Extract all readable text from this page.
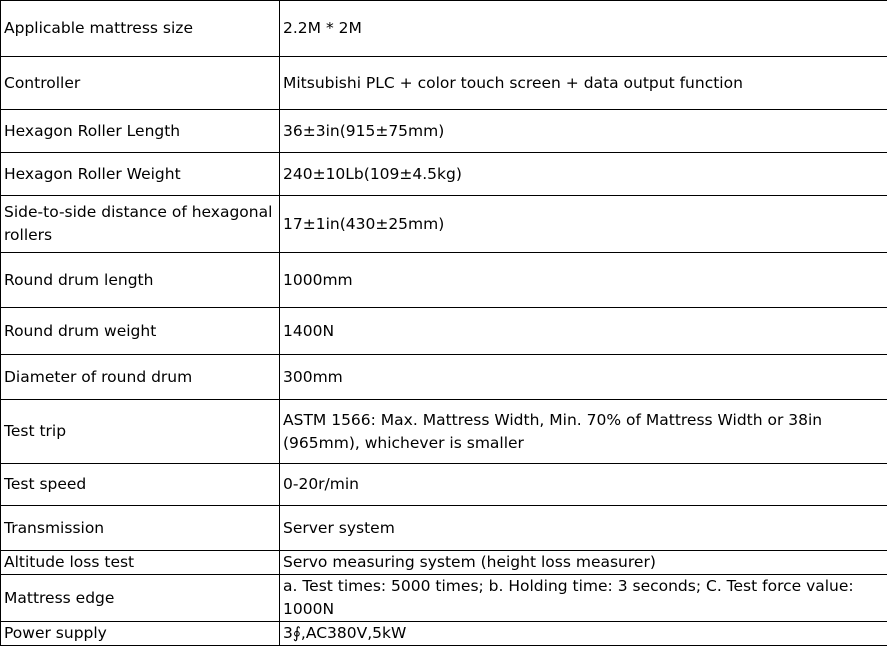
Applicable mattress size	2.2M * 2M
Controller	Mitsubishi PLC + color touch screen + data output function
Hexagon Roller Length	36±3in(915±75mm)
Hexagon Roller Weight	240±10Lb(109±4.5kg)
Side-to-side distance of hexagonal rollers	17±1in(430±25mm)
Round drum length	1000mm
Round drum weight	1400N
Diameter of round drum	300mm
Test trip	ASTM 1566: Max. Mattress Width, Min. 70% of Mattress Width or 38in (965mm), whichever is smaller
Test speed	0-20r/min
Transmission	Server system
Altitude loss test	Servo measuring system (height loss measurer)
Mattress edge	a. Test times: 5000 times; b. Holding time: 3 seconds; C. Test force value: 1000N
Power supply	3∮,AC380V,5kW
